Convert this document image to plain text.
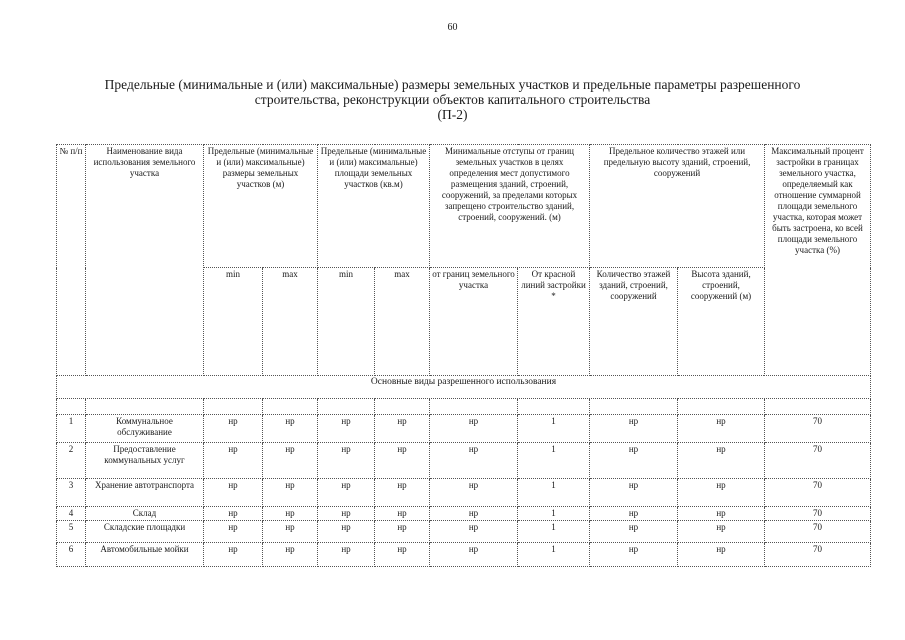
60
Предельные (минимальные и (или) максимальные) размеры земельных участков и предельные параметры разрешенного
строительства, реконструкции объектов капитального строительства
(П-2)
№ п/п	Наименование вида использования земельного участка	Предельные (минимальные и (или) максимальные) размеры земельных участков (м)		Предельные (минимальные и (или) максимальные) площади земельных участков (кв.м)		Минимальные отступы от границ земельных участков в целях определения мест допустимого размещения зданий, строений, сооружений, за пределами которых запрещено строительство зданий, строений, сооружений. (м)		Предельное количество этажей или предельную высоту зданий, строений, сооружений		Максимальный процент застройки в границах земельного участка, определяемый как отношение суммарной площади земельного участка, которая может быть застроена, ко всей площади земельного участка (%)
		min	max	min	max	от границ земельного участка	От красной линий застройки *	Количество этажей зданий, строений, сооружений	Высота зданий, строений, сооружений (м)	
Основные виды разрешенного использования										

1	Коммунальное обслуживание	нр	нр	нр	нр	нр	1	нр	нр	70
2	Предоставление коммунальных услуг	нр	нр	нр	нр	нр	1	нр	нр	70
3	Хранение автотранспорта	нр	нр	нр	нр	нр	1	нр	нр	70
4	Склад	нр	нр	нр	нр	нр	1	нр	нр	70
5	Складские площадки	нр	нр	нр	нр	нр	1	нр	нр	70
6	Автомобильные мойки	нр	нр	нр	нр	нр	1	нр	нр	70
